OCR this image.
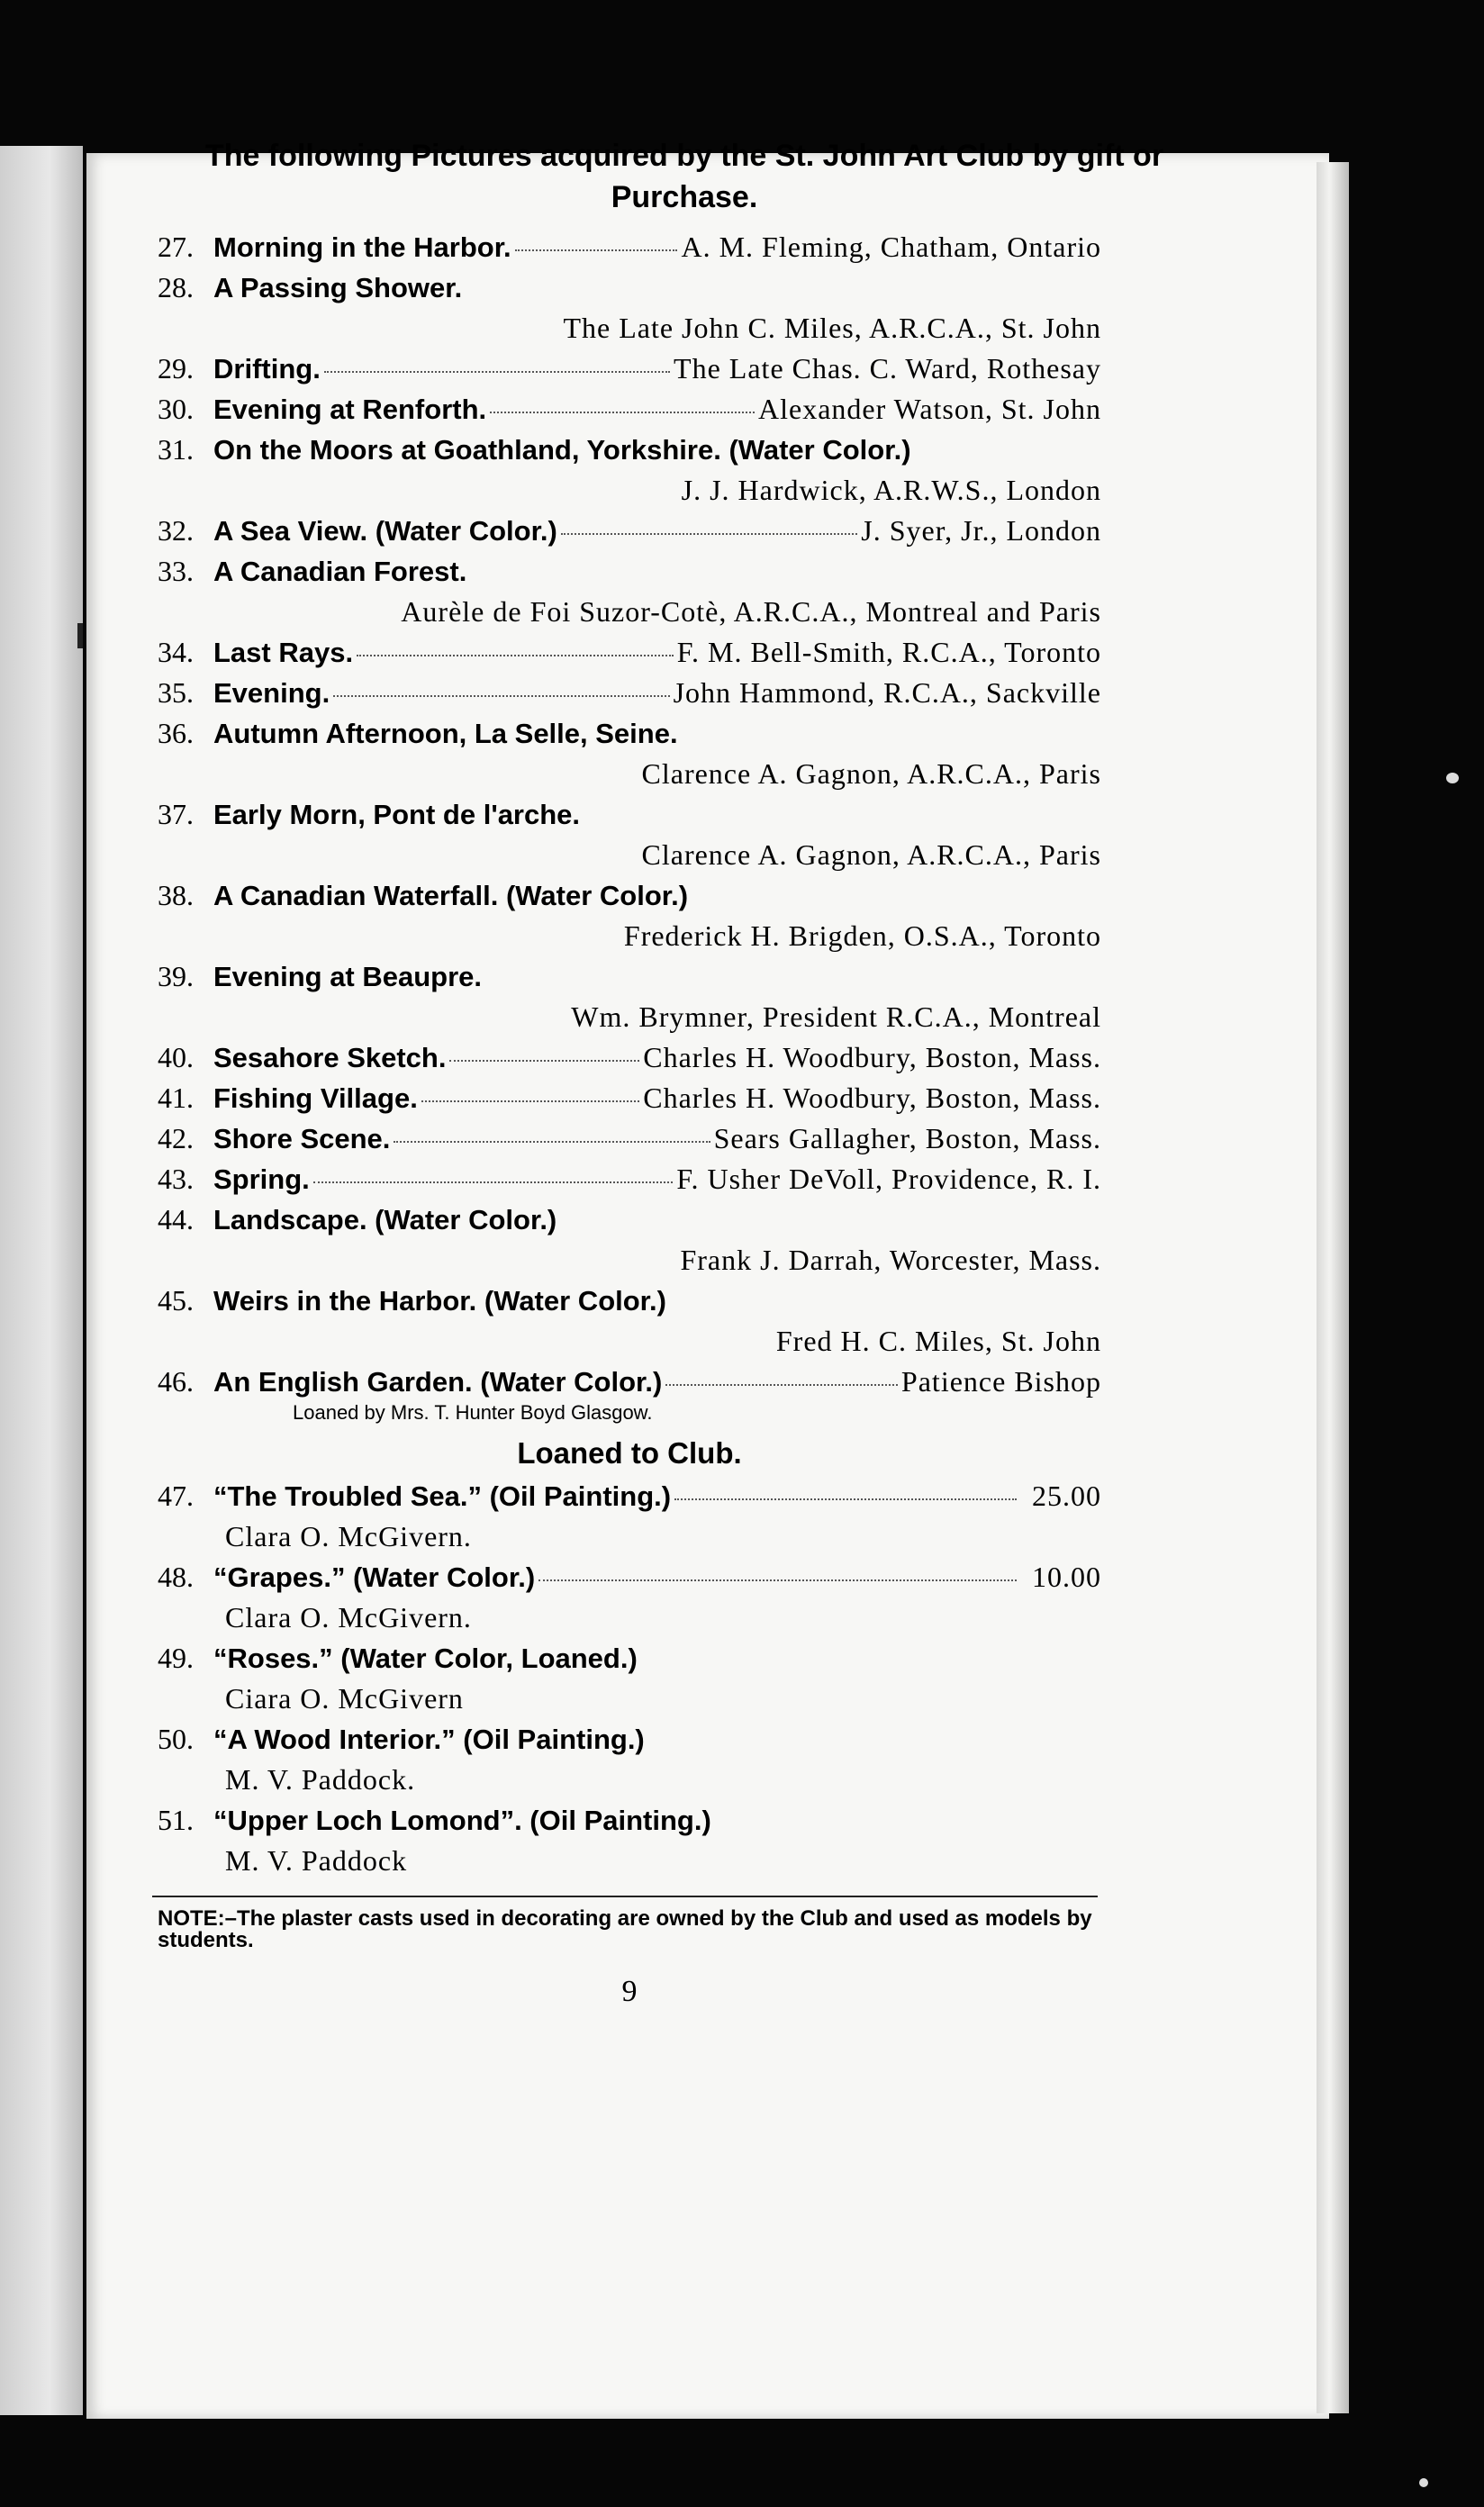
The following Pictures acquired by the St. John Art Club by gift or Purchase.
27. Morning in the Harbor.	A. M. Fleming, Chatham, Ontario
28. A Passing Shower.
The Late John C. Miles, A.R.C.A., St. John
29. Drifting.	The Late Chas. C. Ward, Rothesay
30. Evening at Renforth.	Alexander Watson, St. John
31. On the Moors at Goathland, Yorkshire. (Water Color.)
J. J. Hardwick, A.R.W.S., London
32. A Sea View. (Water Color.)	J. Syer, Jr., London
33. A Canadian Forest.
Aurèle de Foi Suzor-Cotè, A.R.C.A., Montreal and Paris
34. Last Rays.	F. M. Bell-Smith, R.C.A., Toronto
35. Evening.	John Hammond, R.C.A., Sackville
36. Autumn Afternoon, La Selle, Seine.
Clarence A. Gagnon, A.R.C.A., Paris
37. Early Morn, Pont de l'arche.
Clarence A. Gagnon, A.R.C.A., Paris
38. A Canadian Waterfall. (Water Color.)
Frederick H. Brigden, O.S.A., Toronto
39. Evening at Beaupre.
Wm. Brymner, President R.C.A., Montreal
40. Sesahore Sketch.	Charles H. Woodbury, Boston, Mass.
41. Fishing Village.	Charles H. Woodbury, Boston, Mass.
42. Shore Scene.	Sears Gallagher, Boston, Mass.
43. Spring.	F. Usher DeVoll, Providence, R. I.
44. Landscape. (Water Color.)
Frank J. Darrah, Worcester, Mass.
45. Weirs in the Harbor. (Water Color.)
Fred H. C. Miles, St. John
46. An English Garden. (Water Color.)	Patience Bishop
Loaned by Mrs. T. Hunter Boyd Glasgow.
Loaned to Club.
47. “The Troubled Sea.” (Oil Painting.)	25.00
Clara O. McGivern.
48. “Grapes.” (Water Color.)	10.00
Clara O. McGivern.
49. “Roses.” (Water Color, Loaned.)
Ciara O. McGivern
50. “A Wood Interior.” (Oil Painting.)
M. V. Paddock.
51. “Upper Loch Lomond”. (Oil Painting.)
M. V. Paddock
NOTE:–The plaster casts used in decorating are owned by the Club and used as models by students.
9
